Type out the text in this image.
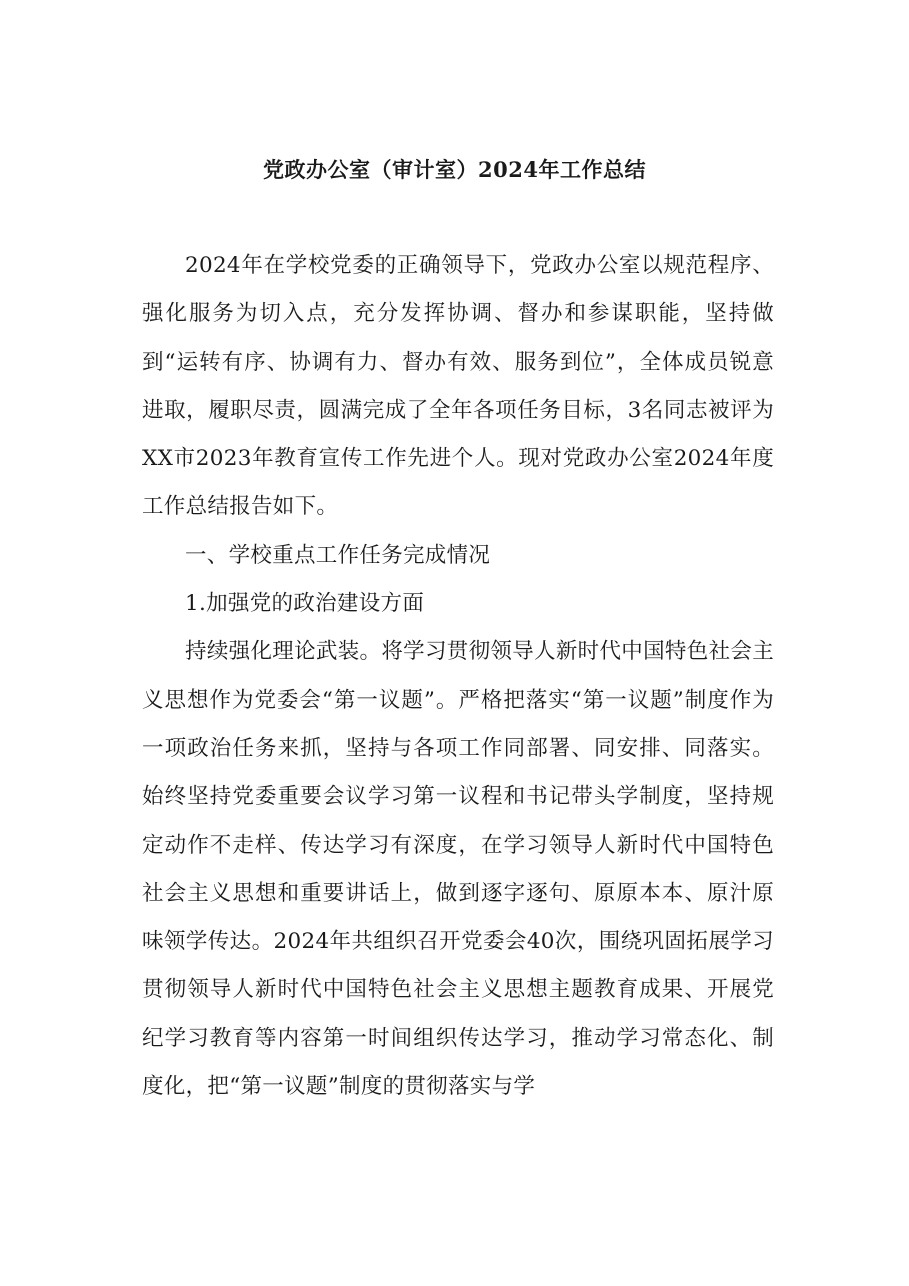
党政办公室（审计室）2024年工作总结

2024年在学校党委的正确领导下，党政办公室以规范程序、强化服务为切入点，充分发挥协调、督办和参谋职能，坚持做到“运转有序、协调有力、督办有效、服务到位”，全体成员锐意进取，履职尽责，圆满完成了全年各项任务目标，3名同志被评为XX市2023年教育宣传工作先进个人。现对党政办公室2024年度工作总结报告如下。

一、学校重点工作任务完成情况

1.加强党的政治建设方面

持续强化理论武装。将学习贯彻领导人新时代中国特色社会主义思想作为党委会“第一议题”。严格把落实“第一议题”制度作为一项政治任务来抓，坚持与各项工作同部署、同安排、同落实。始终坚持党委重要会议学习第一议程和书记带头学制度，坚持规定动作不走样、传达学习有深度，在学习领导人新时代中国特色社会主义思想和重要讲话上，做到逐字逐句、原原本本、原汁原味领学传达。2024年共组织召开党委会40次，围绕巩固拓展学习贯彻领导人新时代中国特色社会主义思想主题教育成果、开展党纪学习教育等内容第一时间组织传达学习，推动学习常态化、制度化，把“第一议题”制度的贯彻落实与学
